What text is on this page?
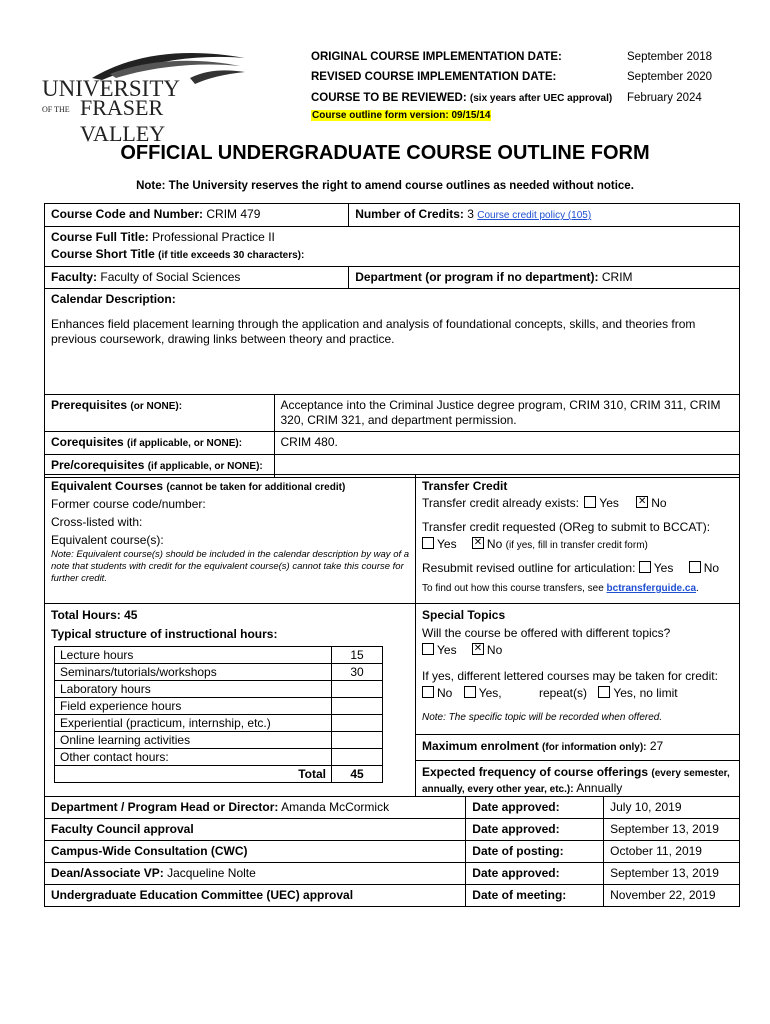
UNIVERSITY
OF THE FRASER VALLEY
ORIGINAL COURSE IMPLEMENTATION DATE:	September 2018
REVISED COURSE IMPLEMENTATION DATE:	September 2020
COURSE TO BE REVIEWED: (six years after UEC approval) February 2024
Course outline form version: 09/15/14
OFFICIAL UNDERGRADUATE COURSE OUTLINE FORM
Note: The University reserves the right to amend course outlines as needed without notice.
Course Code and Number: CRIM 479		Number of Credits: 3 Course credit policy (105)

Course Full Title: Professional Practice II
Course Short Title (if title exceeds 30 characters):		

Faculty: Faculty of Social Sciences		Department (or program if no department): CRIM

Calendar Description:
Enhances field placement learning through the application and analysis of foundational concepts, skills, and theories from previous coursework, drawing links between theory and practice.		

Prerequisites (or NONE):	Acceptance into the Criminal Justice degree program, CRIM 310, CRIM 311, CRIM 320, CRIM 321, and department permission.	
Corequisites (if applicable, or NONE):	CRIM 480.	
Pre/corequisites (if applicable, or NONE):		
Equivalent Courses (cannot be taken for additional credit)
Former course code/number:
Cross-listed with:
Equivalent course(s):
Note: Equivalent course(s) should be included in the calendar description by way of a note that students with credit for the equivalent course(s) cannot take this course for further credit.
Transfer Credit
Transfer credit already exists: Yes ✕	No
Transfer credit requested (OReg to submit to BCCAT):
Yes ✕	No (if yes, fill in transfer credit form)
Resubmit revised outline for articulation: Yes	No
To find out how this course transfers, see bctransferguide.ca.
Total Hours: 45
Typical structure of instructional hours:
Lecture hours	15
Seminars/tutorials/workshops	30
Laboratory hours	
Field experience hours	
Experiential (practicum, internship, etc.)	
Online learning activities	
Other contact hours:	
Total	45
Special Topics
Will the course be offered with different topics?
Yes ✕	No
If yes, different lettered courses may be taken for credit:
No Yes,	repeat(s) Yes, no limit
Note: The specific topic will be recorded when offered.
Maximum enrolment (for information only): 27
Expected frequency of course offerings (every semester, annually, every other year, etc.): Annually
Department / Program Head or Director: Amanda McCormick	Date approved:	July 10, 2019
Faculty Council approval	Date approved:	September 13, 2019
Campus-Wide Consultation (CWC)	Date of posting:	October 11, 2019
Dean/Associate VP: Jacqueline Nolte	Date approved:	September 13, 2019
Undergraduate Education Committee (UEC) approval	Date of meeting:	November 22, 2019
